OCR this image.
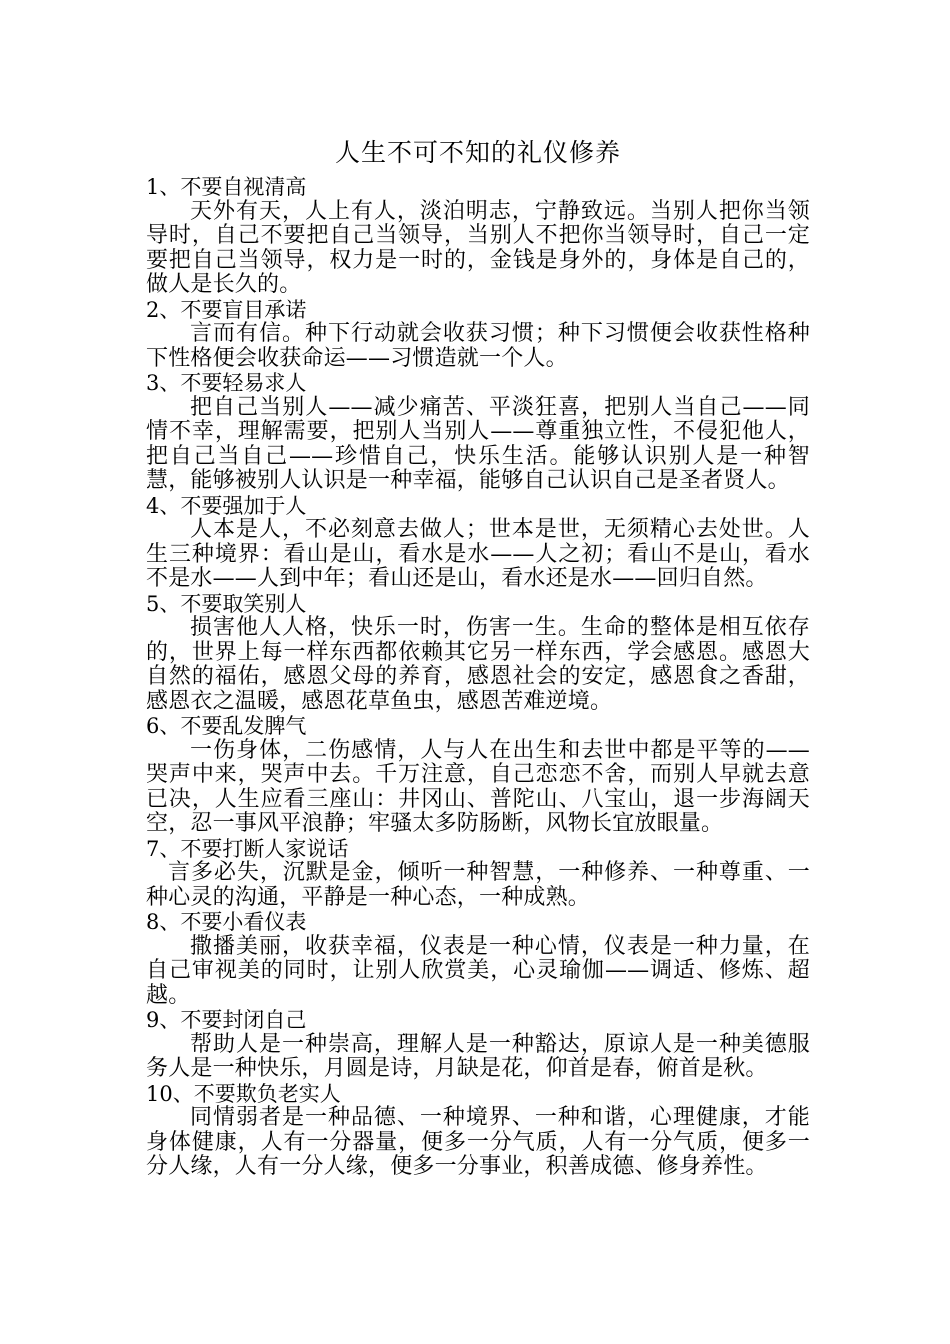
人生不可不知的礼仪修养

1、不要自视清高

天外有天，人上有人，淡泊明志，宁静致远。当别人把你当领导时，自己不要把自己当领导，当别人不把你当领导时，自己一定要把自己当领导，权力是一时的，金钱是身外的，身体是自己的，做人是长久的。

2、不要盲目承诺

言而有信。种下行动就会收获习惯；种下习惯便会收获性格种下性格便会收获命运——习惯造就一个人。

3、不要轻易求人

把自己当别人——减少痛苦、平淡狂喜，把别人当自己——同情不幸，理解需要，把别人当别人——尊重独立性，不侵犯他人，把自己当自己——珍惜自己，快乐生活。能够认识别人是一种智慧，能够被别人认识是一种幸福，能够自己认识自己是圣者贤人。

4、不要强加于人

人本是人，不必刻意去做人；世本是世，无须精心去处世。人生三种境界：看山是山，看水是水——人之初；看山不是山，看水不是水——人到中年；看山还是山，看水还是水——回归自然。

5、不要取笑别人

损害他人人格，快乐一时，伤害一生。生命的整体是相互依存的，世界上每一样东西都依赖其它另一样东西，学会感恩。感恩大自然的福佑，感恩父母的养育，感恩社会的安定，感恩食之香甜，感恩衣之温暖，感恩花草鱼虫，感恩苦难逆境。

6、不要乱发脾气

一伤身体，二伤感情，人与人在出生和去世中都是平等的——哭声中来，哭声中去。千万注意，自己恋恋不舍，而别人早就去意已决，人生应看三座山：井冈山、普陀山、八宝山，退一步海阔天空，忍一事风平浪静；牢骚太多防肠断，风物长宜放眼量。

7、不要打断人家说话

言多必失，沉默是金，倾听一种智慧，一种修养、一种尊重、一种心灵的沟通，平静是一种心态，一种成熟。

8、不要小看仪表

撒播美丽，收获幸福，仪表是一种心情，仪表是一种力量，在自己审视美的同时，让别人欣赏美，心灵瑜伽——调适、修炼、超越。

9、不要封闭自己

帮助人是一种崇高，理解人是一种豁达，原谅人是一种美德服务人是一种快乐，月圆是诗，月缺是花，仰首是春，俯首是秋。

10、不要欺负老实人

同情弱者是一种品德、一种境界、一种和谐，心理健康，才能身体健康，人有一分器量，便多一分气质，人有一分气质，便多一分人缘，人有一分人缘，便多一分事业，积善成德、修身养性。
